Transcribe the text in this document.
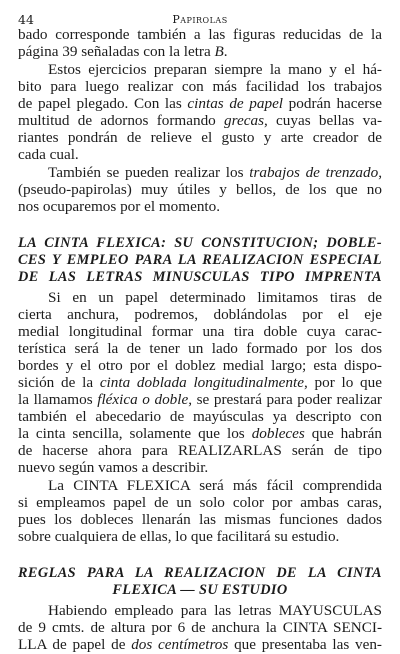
44	Papirolas
bado corresponde también a las figuras reducidas de la
página 39 señaladas con la letra B.
Estos ejercicios preparan siempre la mano y el há-
bito para luego realizar con más facilidad los trabajos
de papel plegado. Con las cintas de papel podrán hacerse
multitud de adornos formando grecas, cuyas bellas va-
riantes pondrán de relieve el gusto y arte creador de
cada cual.
También se pueden realizar los trabajos de trenzado,
(pseudo-papirolas) muy útiles y bellos, de los que no
nos ocuparemos por el momento.
LA CINTA FLEXICA: SU CONSTITUCION; DOBLE-
CES Y EMPLEO PARA LA REALIZACION ESPECIAL
DE LAS LETRAS MINUSCULAS TIPO IMPRENTA
Si en un papel determinado limitamos tiras de
cierta anchura, podremos, doblándolas por el eje
medial longitudinal formar una tira doble cuya carac-
terística será la de tener un lado formado por los dos
bordes y el otro por el doblez medial largo; esta dispo-
sición de la cinta doblada longitudinalmente, por lo que
la llamamos fléxica o doble, se prestará para poder realizar
también el abecedario de mayúsculas ya descripto con
la cinta sencilla, solamente que los dobleces que habrán
de hacerse ahora para REALIZARLAS serán de tipo
nuevo según vamos a describir.
La CINTA FLEXICA será más fácil comprendida
si empleamos papel de un solo color por ambas caras,
pues los dobleces llenarán las mismas funciones dados
sobre cualquiera de ellas, lo que facilitará su estudio.
REGLAS PARA LA REALIZACION DE LA CINTA
FLEXICA — SU ESTUDIO
Habiendo empleado para las letras MAYUSCULAS
de 9 cmts. de altura por 6 de anchura la CINTA SENCI-
LLA de papel de dos centímetros que presentaba las ven-
